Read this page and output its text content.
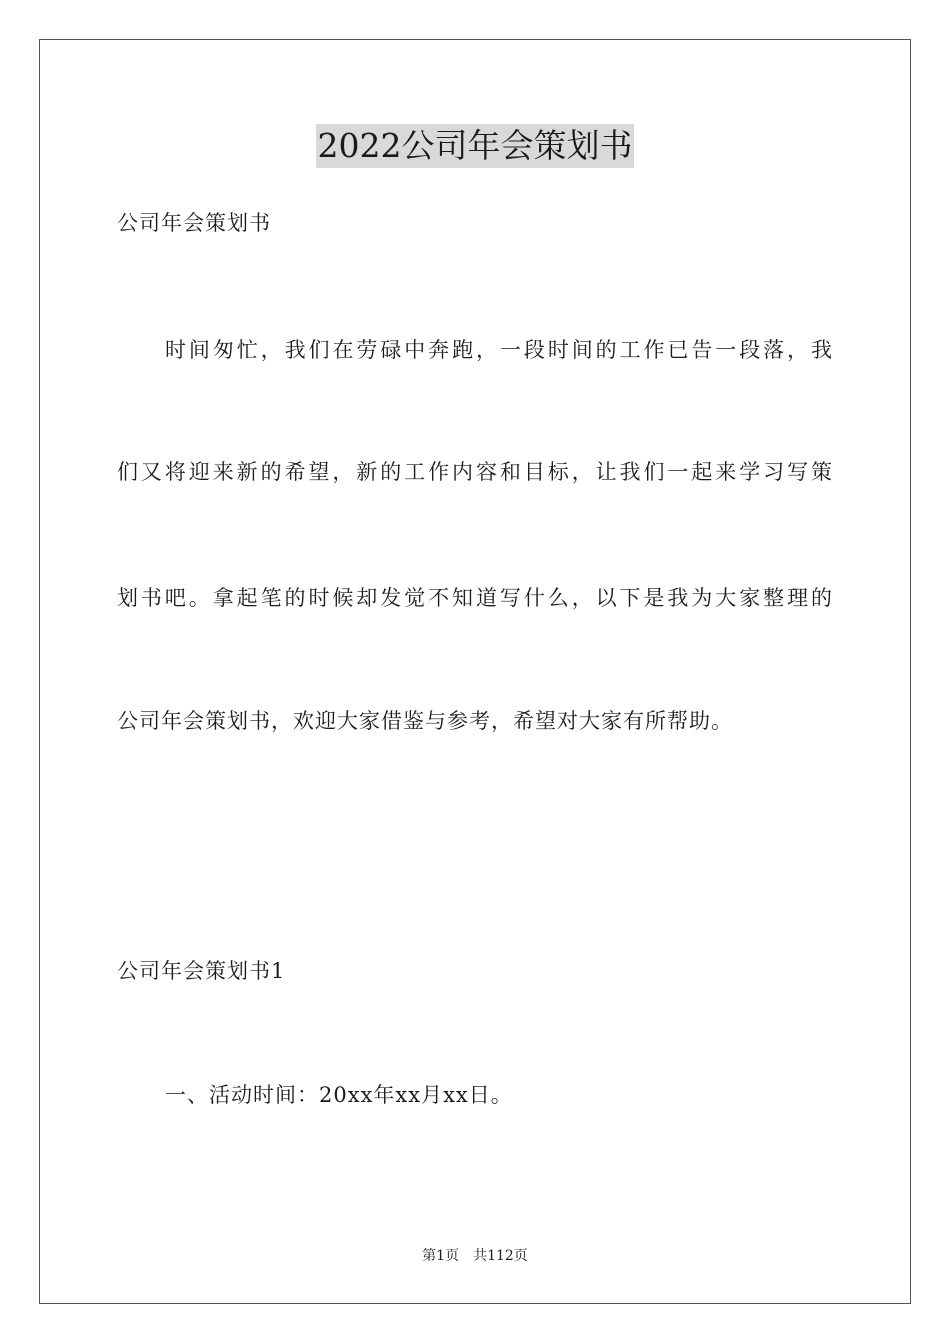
2022公司年会策划书
公司年会策划书
时间匆忙，我们在劳碌中奔跑，一段时间的工作已告一段落，我
们又将迎来新的希望，新的工作内容和目标，让我们一起来学习写策
划书吧。拿起笔的时候却发觉不知道写什么，以下是我为大家整理的
公司年会策划书，欢迎大家借鉴与参考，希望对大家有所帮助。
公司年会策划书1
一、活动时间：20xx年xx月xx日。
第1页　共112页
